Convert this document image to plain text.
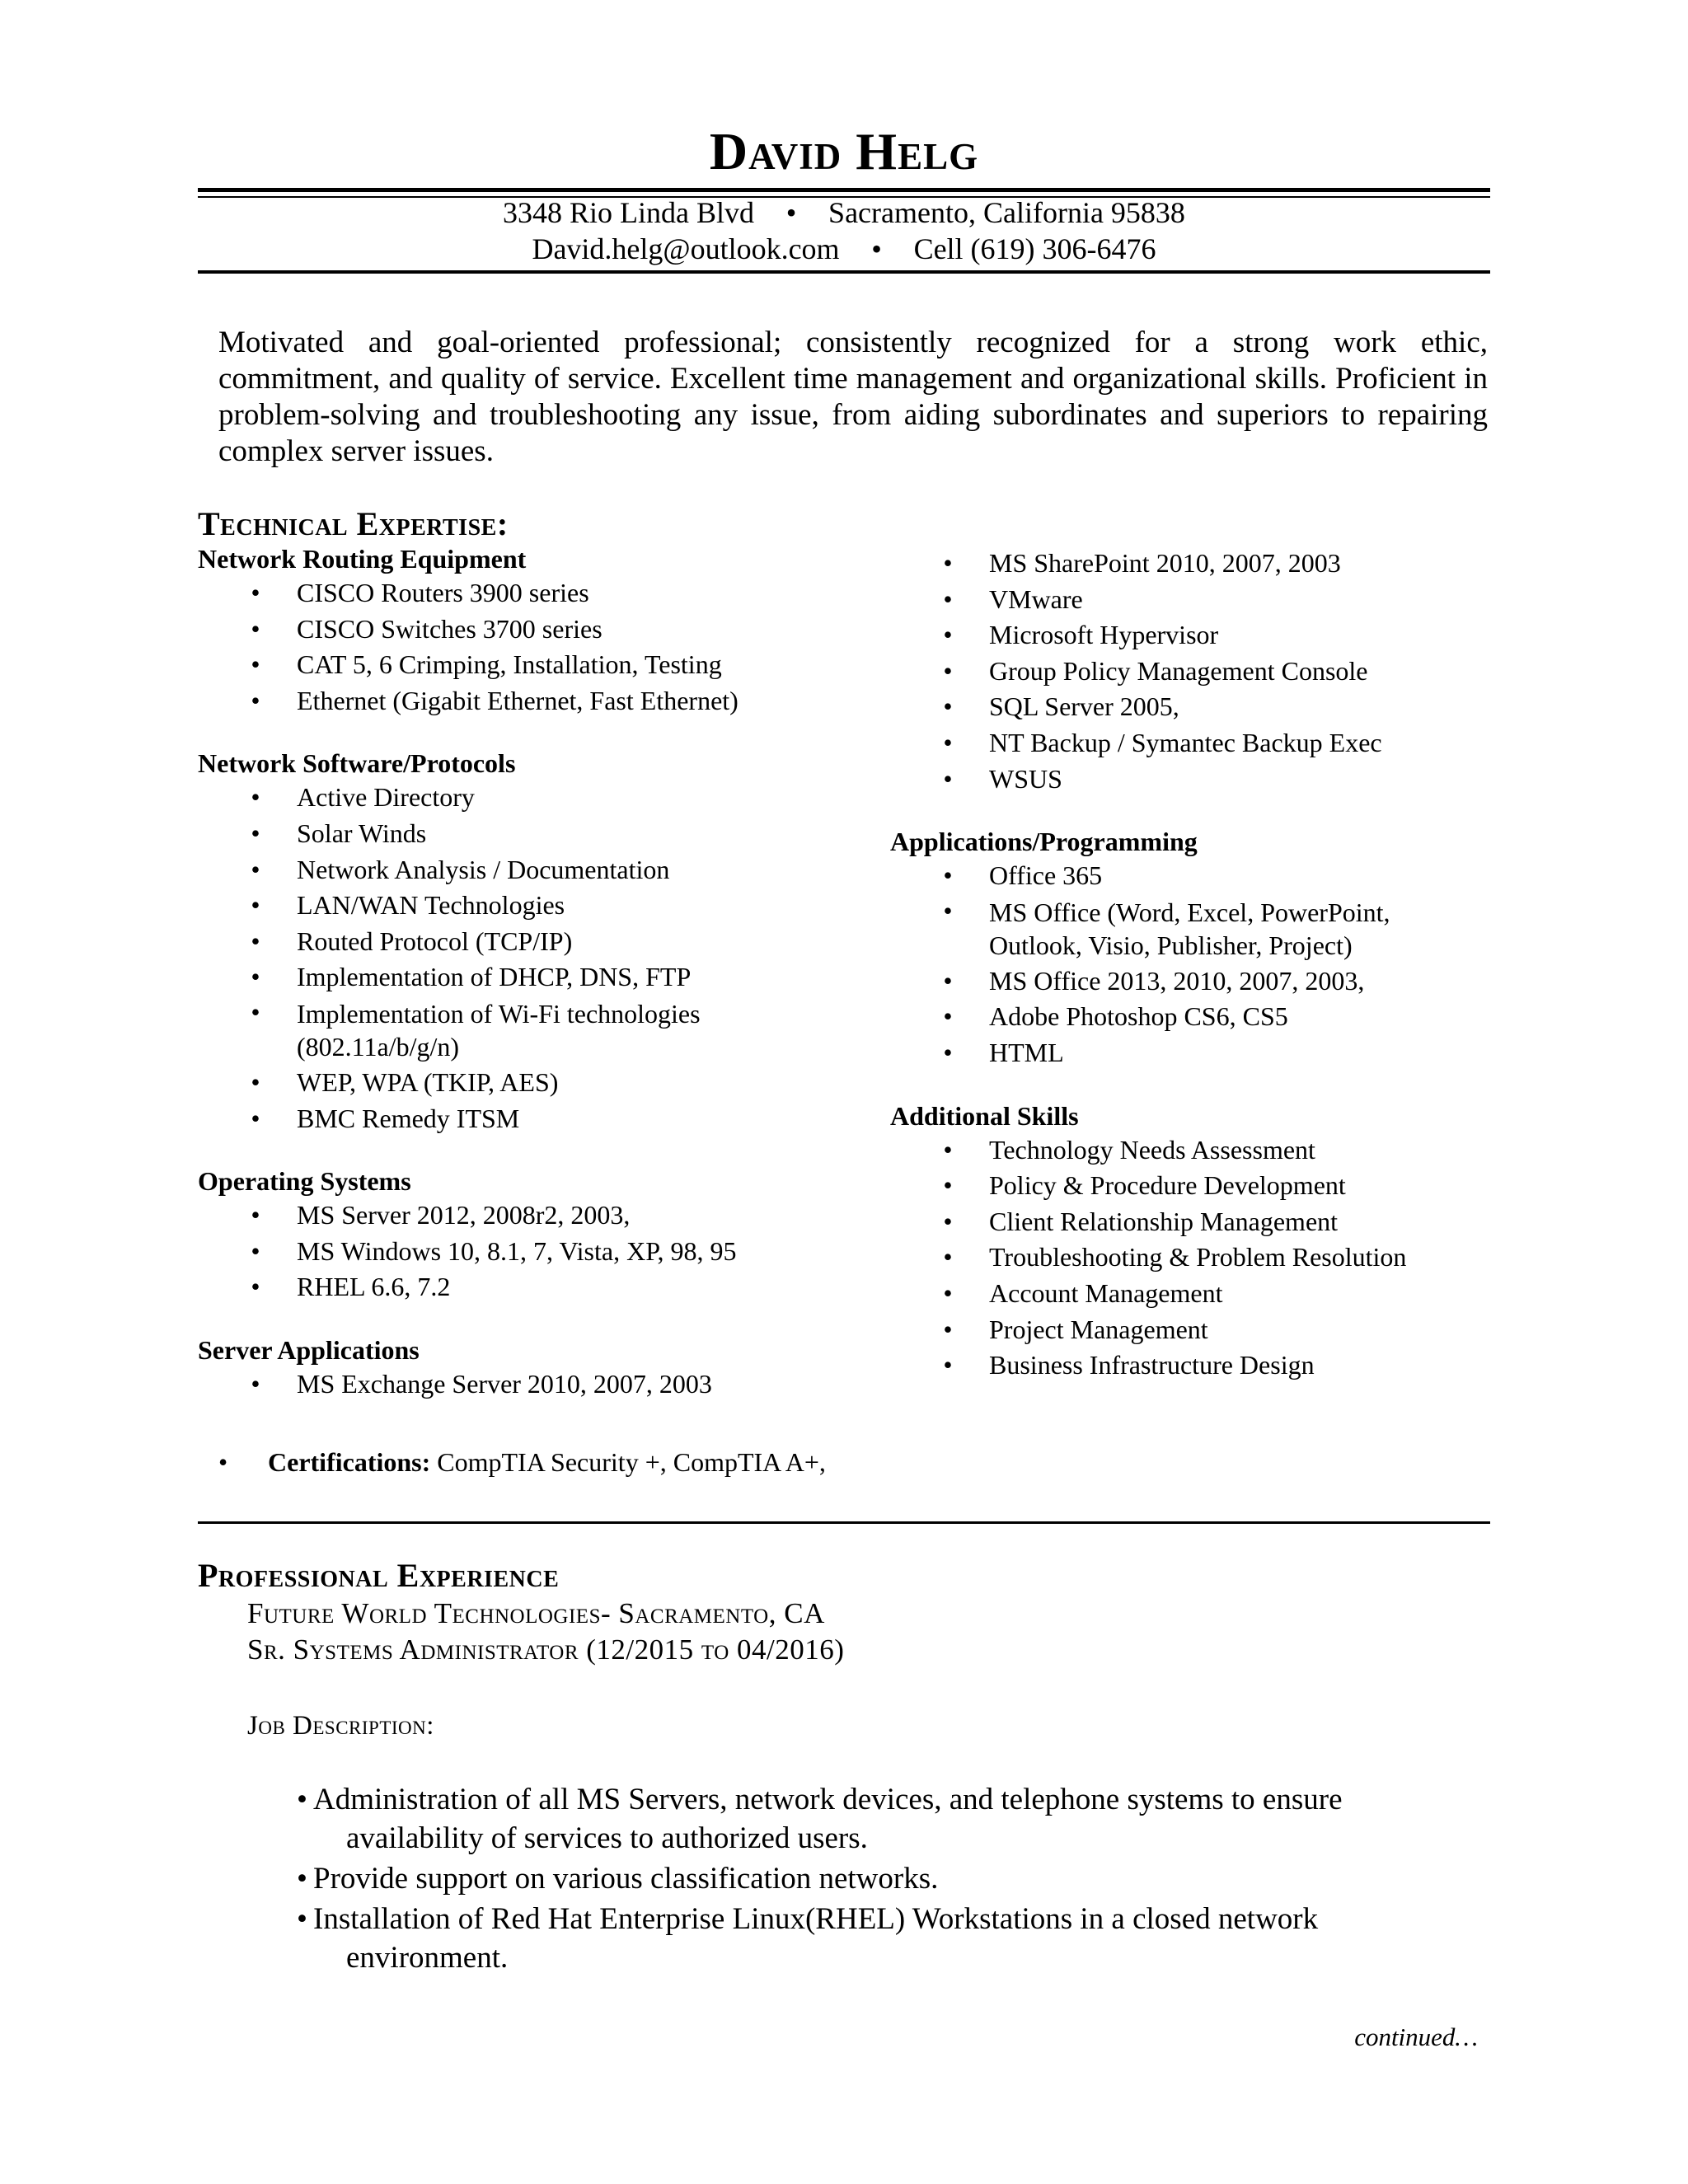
David Helg
3348 Rio Linda Blvd • Sacramento, California 95838
David.helg@outlook.com • Cell (619) 306-6476
Motivated and goal-oriented professional; consistently recognized for a strong work ethic, commitment, and quality of service. Excellent time management and organizational skills. Proficient in problem-solving and troubleshooting any issue, from aiding subordinates and superiors to repairing complex server issues.
Technical Expertise:
Network Routing Equipment
• CISCO Routers 3900 series
• CISCO Switches 3700 series
• CAT 5, 6 Crimping, Installation, Testing
• Ethernet (Gigabit Ethernet, Fast Ethernet)
Network Software/Protocols
• Active Directory
• Solar Winds
• Network Analysis / Documentation
• LAN/WAN Technologies
• Routed Protocol (TCP/IP)
• Implementation of DHCP, DNS, FTP
• Implementation of Wi-Fi technologies
(802.11a/b/g/n)
• WEP, WPA (TKIP, AES)
• BMC Remedy ITSM
Operating Systems
• MS Server 2012, 2008r2, 2003,
• MS Windows 10, 8.1, 7, Vista, XP, 98, 95
• RHEL 6.6, 7.2
Server Applications
• MS Exchange Server 2010, 2007, 2003
• MS SharePoint 2010, 2007, 2003
• VMware
• Microsoft Hypervisor
• Group Policy Management Console
• SQL Server 2005,
• NT Backup / Symantec Backup Exec
• WSUS
Applications/Programming
• Office 365
• MS Office (Word, Excel, PowerPoint,
Outlook, Visio, Publisher, Project)
• MS Office 2013, 2010, 2007, 2003,
• Adobe Photoshop CS6, CS5
• HTML
Additional Skills
• Technology Needs Assessment
• Policy & Procedure Development
• Client Relationship Management
• Troubleshooting & Problem Resolution
• Account Management
• Project Management
• Business Infrastructure Design
• Certifications: CompTIA Security +, CompTIA A+,
Professional Experience
Future World Technologies- Sacramento, CA
Sr. Systems Administrator (12/2015 to 04/2016)
Job Description:
• Administration of all MS Servers, network devices, and telephone systems to ensure
availability of services to authorized users.
• Provide support on various classification networks.
• Installation of Red Hat Enterprise Linux(RHEL) Workstations in a closed network
environment.
continued…
